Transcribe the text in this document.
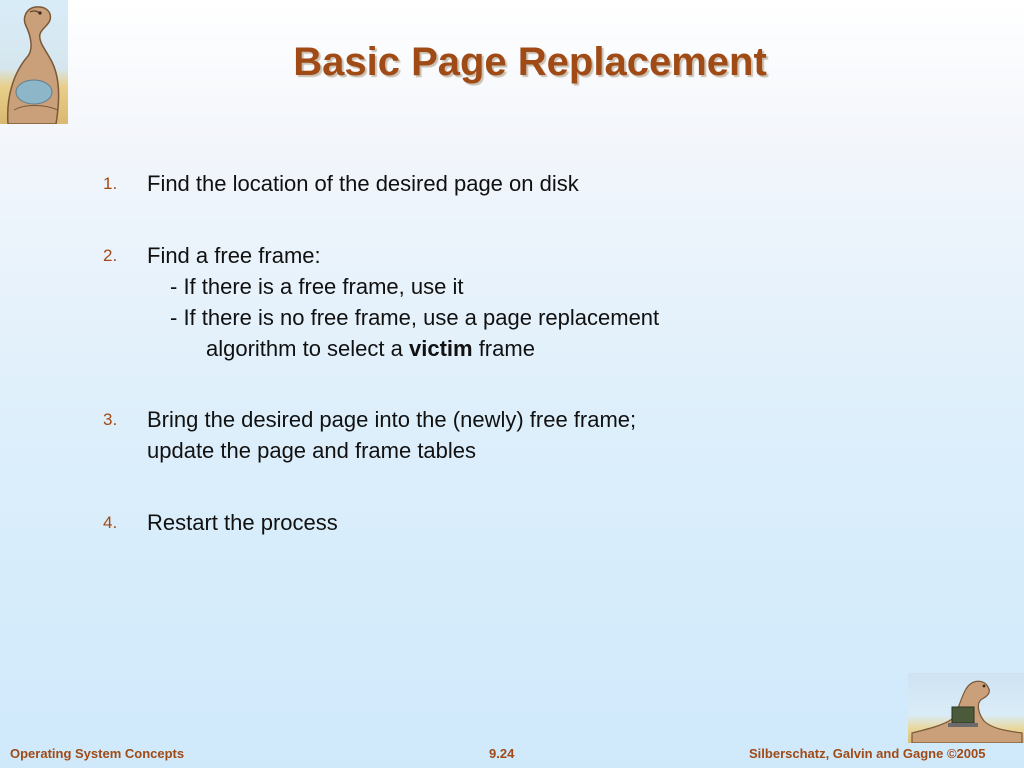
Basic Page Replacement
1. Find the location of the desired page on disk
2. Find a free frame:
- If there is a free frame, use it
- If there is no free frame, use a page replacement
algorithm to select a victim frame
3. Bring the desired page into the (newly) free frame;
update the page and frame tables
4. Restart the process
Operating System Concepts	9.24	Silberschatz, Galvin and Gagne ©2005
